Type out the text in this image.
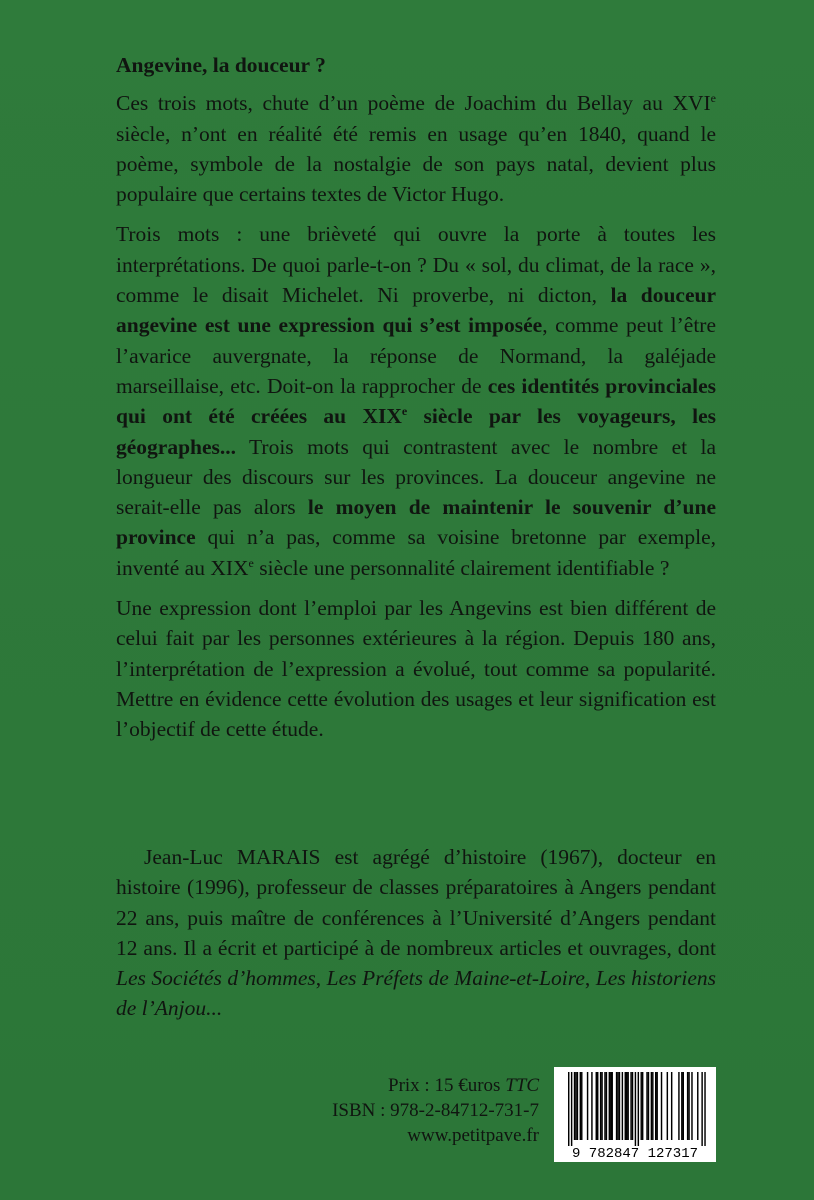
Angevine, la douceur ?

Ces trois mots, chute d’un poème de Joachim du Bellay au XVIe siècle, n’ont en réalité été remis en usage qu’en 1840, quand le poème, symbole de la nostalgie de son pays natal, devient plus populaire que certains textes de Victor Hugo.

Trois mots : une brièveté qui ouvre la porte à toutes les interprétations. De quoi parle-t-on ? Du « sol, du climat, de la race », comme le disait Michelet. Ni proverbe, ni dicton, la douceur angevine est une expression qui s’est imposée, comme peut l’être l’avarice auvergnate, la réponse de Normand, la galéjade marseillaise, etc. Doit-on la rapprocher de ces identités provinciales qui ont été créées au XIXe siècle par les voyageurs, les géographes... Trois mots qui contrastent avec le nombre et la longueur des discours sur les provinces. La douceur angevine ne serait-elle pas alors le moyen de maintenir le souvenir d’une province qui n’a pas, comme sa voisine bretonne par exemple, inventé au XIXe siècle une personnalité clairement identifiable ?

Une expression dont l’emploi par les Angevins est bien différent de celui fait par les personnes extérieures à la région. Depuis 180 ans, l’interprétation de l’expression a évolué, tout comme sa popularité. Mettre en évidence cette évolution des usages et leur signification est l’objectif de cette étude.

Jean-Luc MARAIS est agrégé d’histoire (1967), docteur en histoire (1996), professeur de classes préparatoires à Angers pendant 22 ans, puis maître de conférences à l’Université d’Angers pendant 12 ans. Il a écrit et participé à de nombreux articles et ouvrages, dont Les Sociétés d’hommes, Les Préfets de Maine-et-Loire, Les historiens de l’Anjou...

Prix : 15 €uros TTC
ISBN : 978-2-84712-731-7
www.petitpave.fr
9 782847 127317
